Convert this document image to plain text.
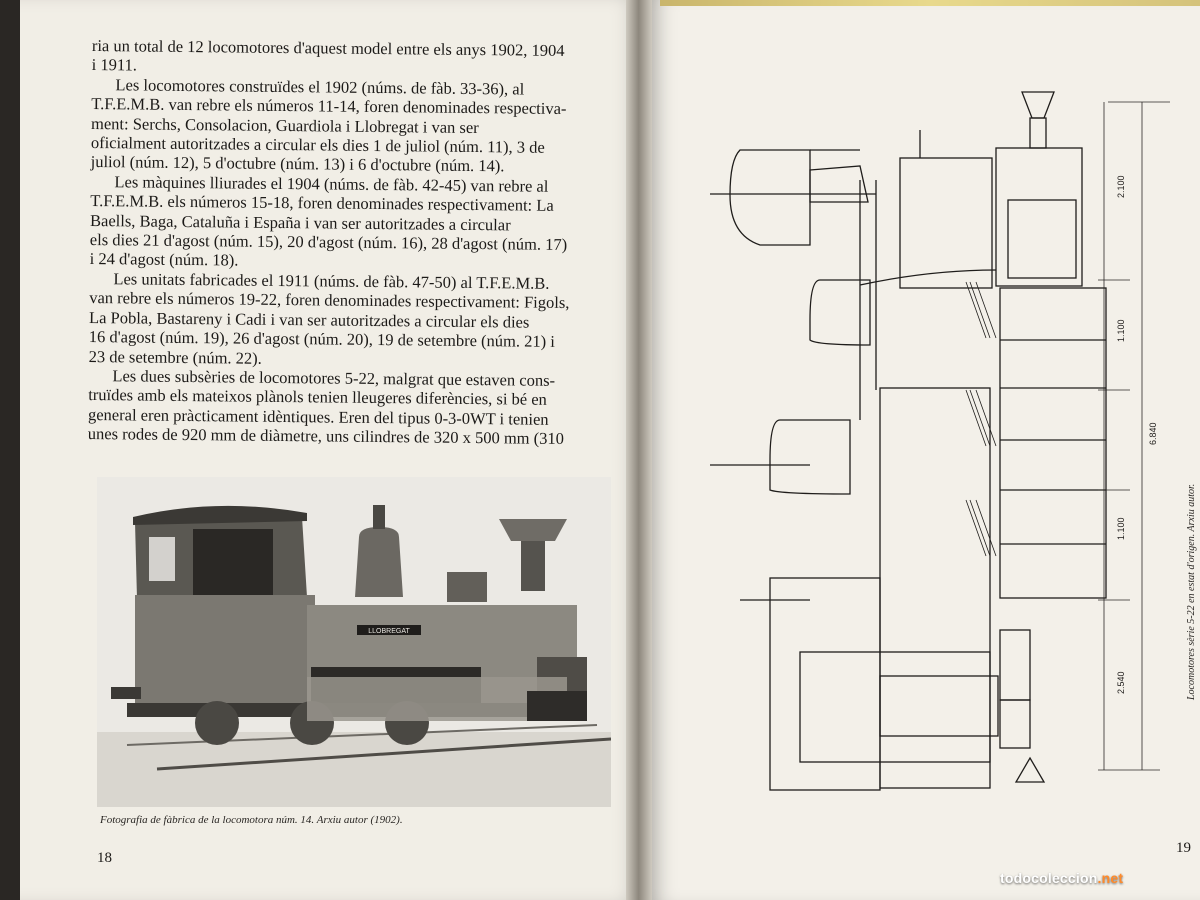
ria un total de 12 locomotores d'aquest model entre els anys 1902, 1904

i 1911.

Les locomotores construïdes el 1902 (núms. de fàb. 33-36), al

T.F.E.M.B. van rebre els números 11-14, foren denominades respectiva-

ment: Serchs, Consolacion, Guardiola i Llobregat i van ser

oficialment autoritzades a circular els dies 1 de juliol (núm. 11), 3 de

juliol (núm. 12), 5 d'octubre (núm. 13) i 6 d'octubre (núm. 14).

Les màquines lliurades el 1904 (núms. de fàb. 42-45) van rebre al

T.F.E.M.B. els números 15-18, foren denominades respectivament: La

Baells, Baga, Cataluña i España i van ser autoritzades a circular

els dies 21 d'agost (núm. 15), 20 d'agost (núm. 16), 28 d'agost (núm. 17)

i 24 d'agost (núm. 18).

Les unitats fabricades el 1911 (núms. de fàb. 47-50) al T.F.E.M.B.

van rebre els números 19-22, foren denominades respectivament: Figols,

La Pobla, Bastareny i Cadi i van ser autoritzades a circular els dies

16 d'agost (núm. 19), 26 d'agost (núm. 20), 19 de setembre (núm. 21) i

23 de setembre (núm. 22).

Les dues subsèries de locomotores 5-22, malgrat que estaven cons-

truïdes amb els mateixos plànols tenien lleugeres diferències, si bé en

general eren pràcticament idèntiques. Eren del tipus 0-3-0WT i tenien

unes rodes de 920 mm de diàmetre, uns cilindres de 320 x 500 mm (310

LLOBREGAT
Fotografia de fàbrica de la locomotora núm. 14. Arxiu autor (1902).
18
2.100
1.100
6.840
1.100
2.540	Locomotores sèrie 5-22 en estat d'origen. Arxiu autor.
19
todocoleccion.net
